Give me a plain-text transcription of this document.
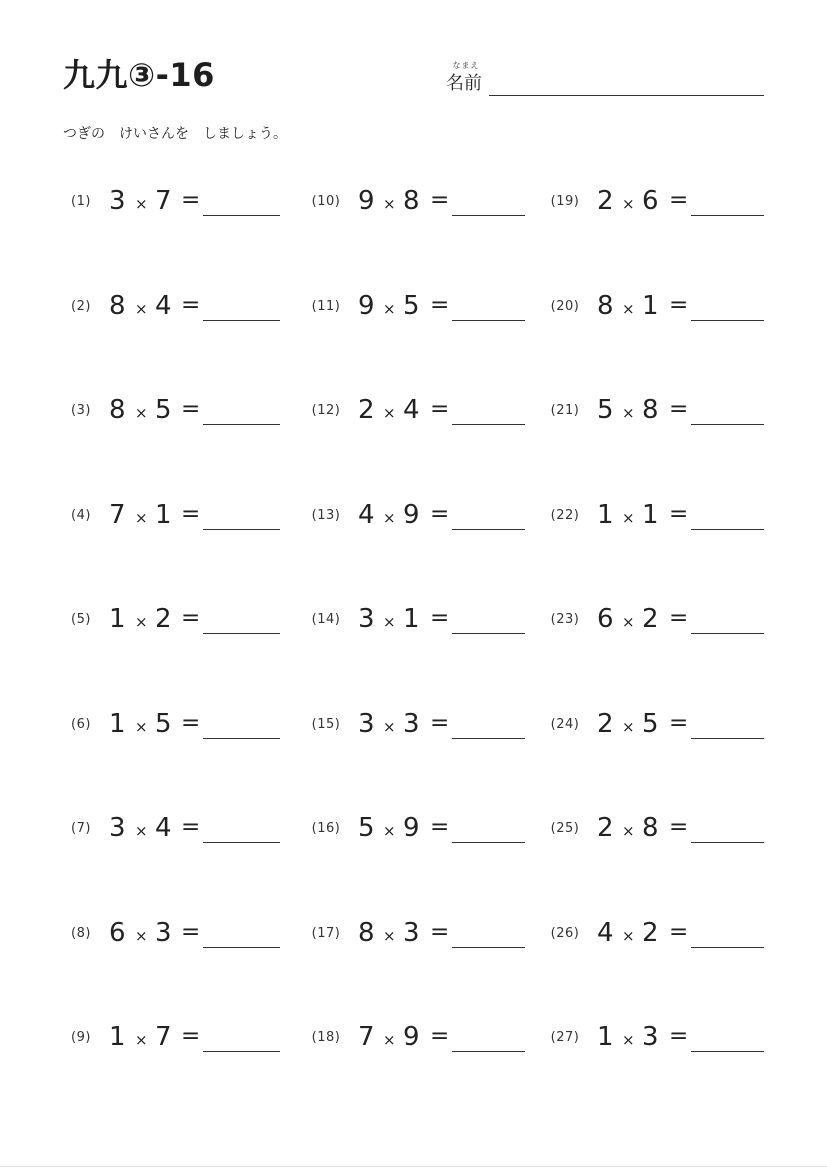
九九③-16	なまえ
名前
つぎの　けいさんを　しましょう。
(1) 3 × 7 =
(2) 8 × 4 =
(3) 8 × 5 =
(4) 7 × 1 =
(5) 1 × 2 =
(6) 1 × 5 =
(7) 3 × 4 =
(8) 6 × 3 =
(9) 1 × 7 =
(10) 9 × 8 =
(11) 9 × 5 =
(12) 2 × 4 =
(13) 4 × 9 =
(14) 3 × 1 =
(15) 3 × 3 =
(16) 5 × 9 =
(17) 8 × 3 =
(18) 7 × 9 =
(19) 2 × 6 =
(20) 8 × 1 =
(21) 5 × 8 =
(22) 1 × 1 =
(23) 6 × 2 =
(24) 2 × 5 =
(25) 2 × 8 =
(26) 4 × 2 =
(27) 1 × 3 =
